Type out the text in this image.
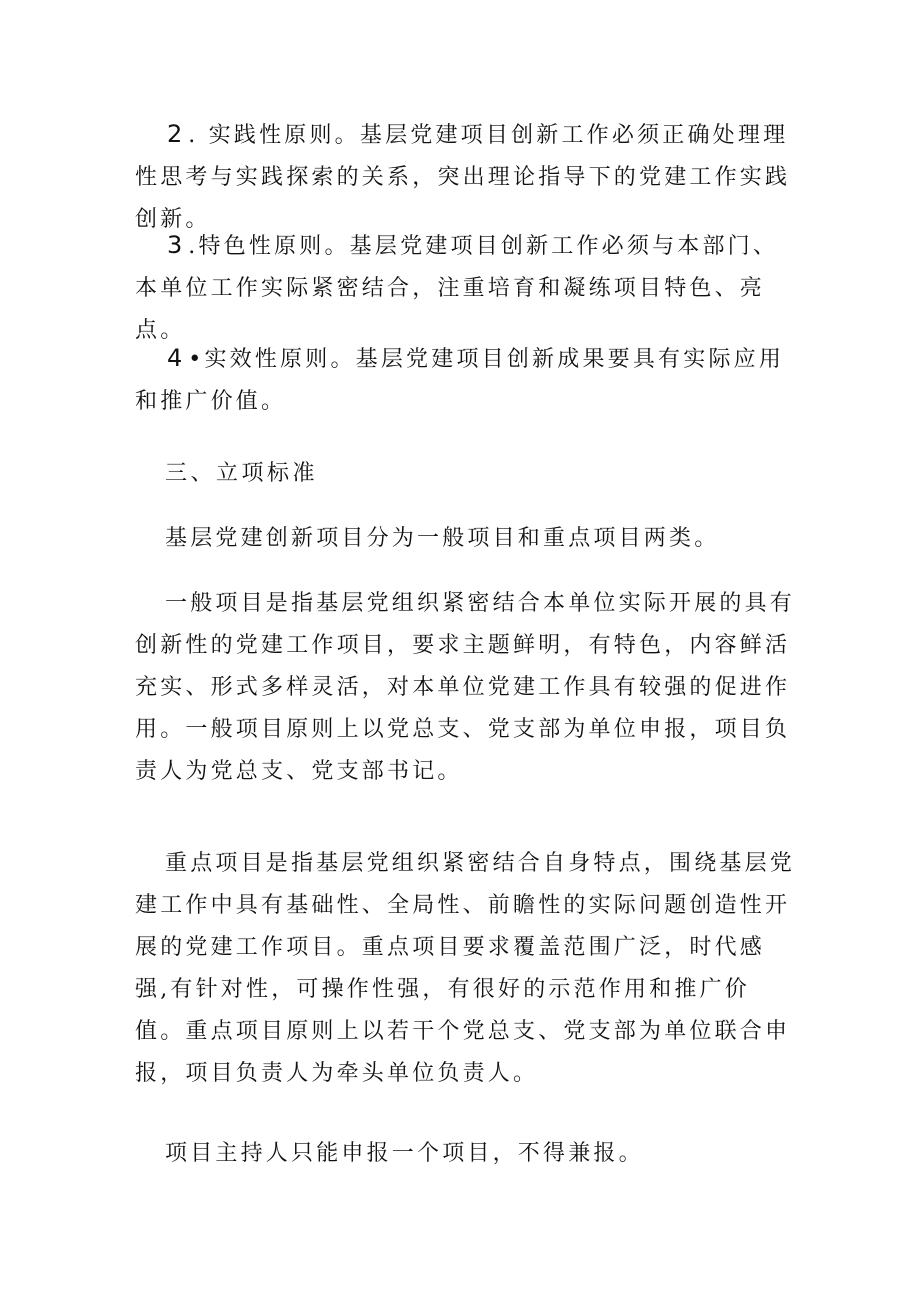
2 . 实践性原则。基层党建项目创新工作必须正确处理理性思考与实践探索的关系，突出理论指导下的党建工作实践创新。

3 .特色性原则。基层党建项目创新工作必须与本部门、本单位工作实际紧密结合，注重培育和凝练项目特色、亮点。

4 •实效性原则。基层党建项目创新成果要具有实际应用和推广价值。

三、立项标准

基层党建创新项目分为一般项目和重点项目两类。

一般项目是指基层党组织紧密结合本单位实际开展的具有创新性的党建工作项目，要求主题鲜明，有特色，内容鲜活充实、形式多样灵活，对本单位党建工作具有较强的促进作用。一般项目原则上以党总支、党支部为单位申报，项目负责人为党总支、党支部书记。

重点项目是指基层党组织紧密结合自身特点，围绕基层党建工作中具有基础性、全局性、前瞻性的实际问题创造性开展的党建工作项目。重点项目要求覆盖范围广泛，时代感强,有针对性，可操作性强，有很好的示范作用和推广价值。重点项目原则上以若干个党总支、党支部为单位联合申报，项目负责人为牵头单位负责人。

项目主持人只能申报一个项目，不得兼报。
